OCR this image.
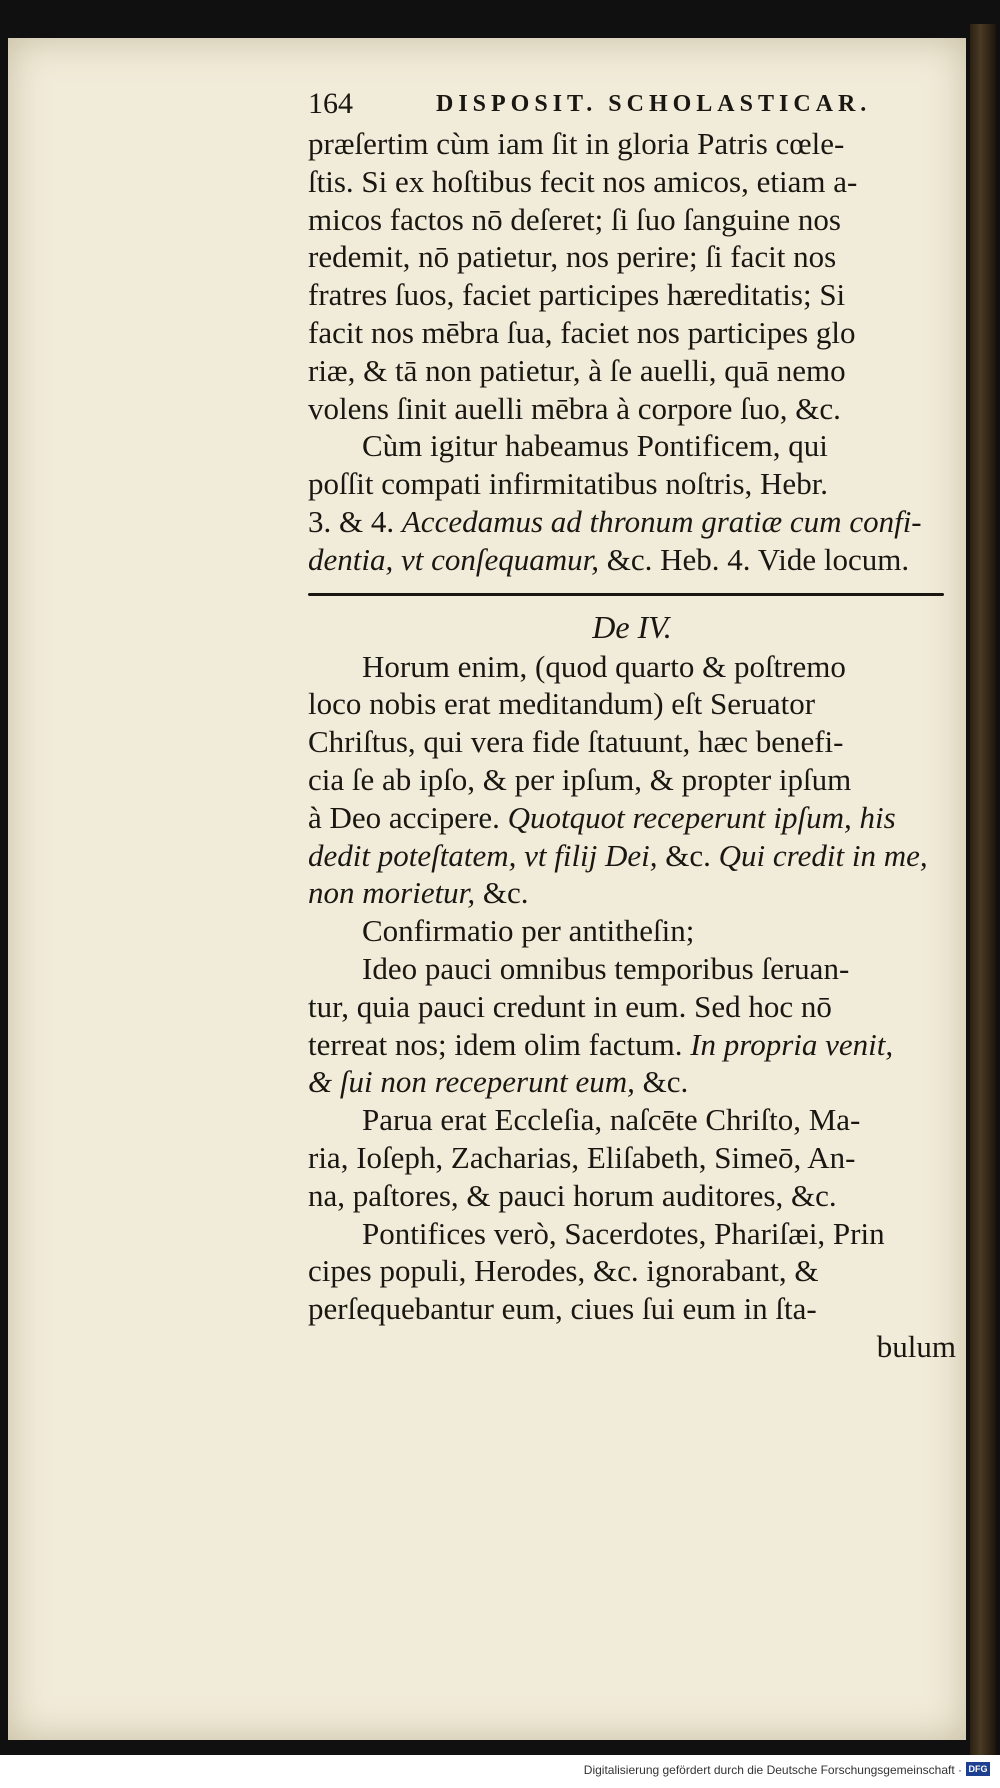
164	DISPOSIT. SCHOLASTICAR.
præſertim cùm iam ſit in gloria Patris cœle-
ſtis. Si ex hoſtibus fecit nos amicos, etiam a-
micos factos nō deſeret; ſi ſuo ſanguine nos
redemit, nō patietur, nos perire; ſi facit nos
fratres ſuos, faciet participes hæreditatis; Si
facit nos mēbra ſua, faciet nos participes glo
riæ, & tā non patietur, à ſe auelli, quā nemo
volens ſinit auelli mēbra à corpore ſuo, &c.
Cùm igitur habeamus Pontificem, qui
poſſit compati infirmitatibus noſtris, Hebr.
3. & 4. Accedamus ad thronum gratiæ cum confi-
dentia, vt conſequamur, &c. Heb. 4. Vide locum.
De IV.
Horum enim, (quod quarto & poſtremo
loco nobis erat meditandum) eſt Seruator
Chriſtus, qui vera fide ſtatuunt, hæc benefi-
cia ſe ab ipſo, & per ipſum, & propter ipſum
à Deo accipere. Quotquot receperunt ipſum, his
dedit poteſtatem, vt filij Dei, &c. Qui credit in me,
non morietur, &c.
Confirmatio per antitheſin;
Ideo pauci omnibus temporibus ſeruan-
tur, quia pauci credunt in eum. Sed hoc nō
terreat nos; idem olim factum. In propria venit,
& ſui non receperunt eum, &c.
Parua erat Eccleſia, naſcēte Chriſto, Ma-
ria, Ioſeph, Zacharias, Eliſabeth, Simeō, An-
na, paſtores, & pauci horum auditores, &c.
Pontifices verò, Sacerdotes, Phariſæi, Prin
cipes populi, Herodes, &c. ignorabant, &
perſequebantur eum, ciues ſui eum in ſta-
bulum
Digitalisierung gefördert durch die Deutsche Forschungsgemeinschaft · DFG
